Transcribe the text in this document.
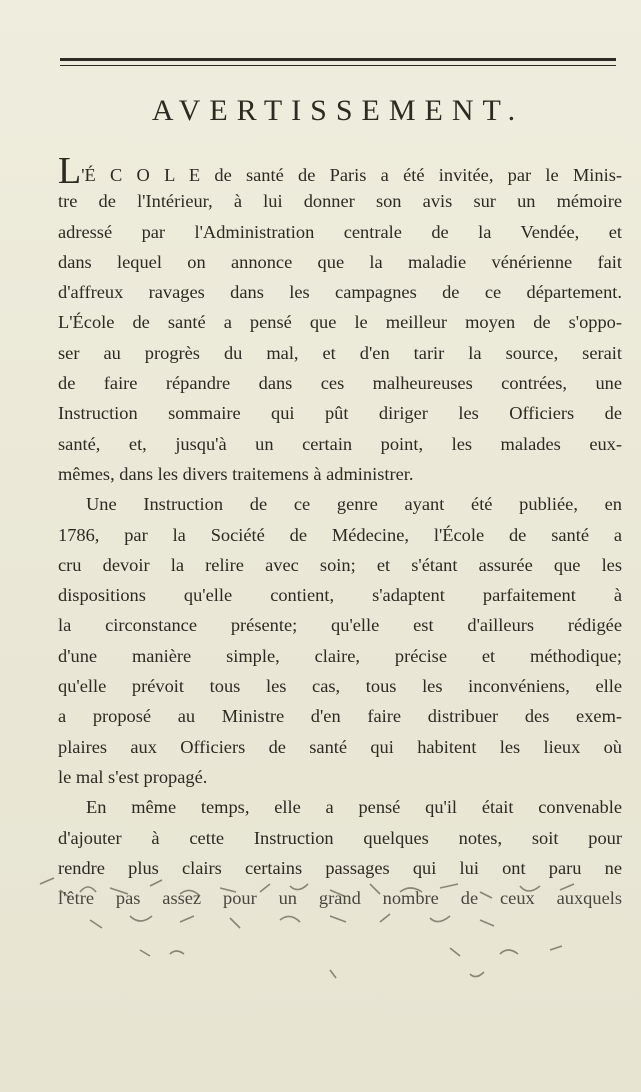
AVERTISSEMENT.
L'É C O L E de santé de Paris a été invitée, par le Minis-
tre de l'Intérieur, à lui donner son avis sur un mémoire
adressé par l'Administration centrale de la Vendée, et
dans lequel on annonce que la maladie vénérienne fait
d'affreux ravages dans les campagnes de ce département.
L'École de santé a pensé que le meilleur moyen de s'oppo-
ser au progrès du mal, et d'en tarir la source, serait
de faire répandre dans ces malheureuses contrées, une
Instruction sommaire qui pût diriger les Officiers de
santé, et, jusqu'à un certain point, les malades eux-
mêmes, dans les divers traitemens à administrer.
Une Instruction de ce genre ayant été publiée, en
1786, par la Société de Médecine, l'École de santé a
cru devoir la relire avec soin; et s'étant assurée que les
dispositions qu'elle contient, s'adaptent parfaitement à
la circonstance présente; qu'elle est d'ailleurs rédigée
d'une manière simple, claire, précise et méthodique;
qu'elle prévoit tous les cas, tous les inconvéniens, elle
a proposé au Ministre d'en faire distribuer des exem-
plaires aux Officiers de santé qui habitent les lieux où
le mal s'est propagé.
En même temps, elle a pensé qu'il était convenable
d'ajouter à cette Instruction quelques notes, soit pour
rendre plus clairs certains passages qui lui ont paru ne
l'être pas assez pour un grand nombre de ceux auxquels
